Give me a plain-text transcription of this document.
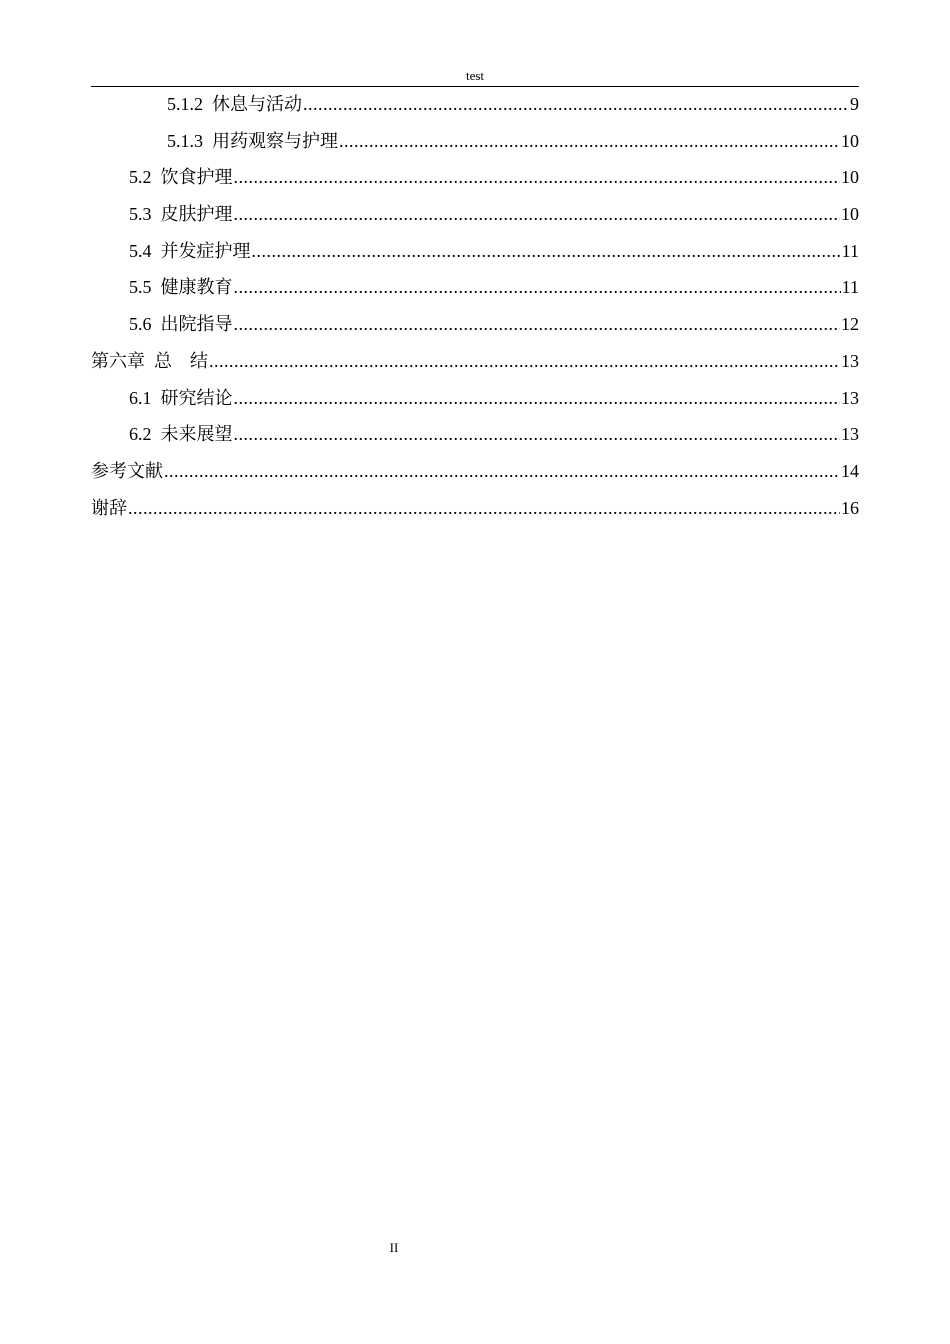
test
5.1.2 休息与活动 .....	9
5.1.3 用药观察与护理 .....	10
5.2 饮食护理 .....	10
5.3 皮肤护理 .....	10
5.4 并发症护理 .....	11
5.5 健康教育 .....	11
5.6 出院指导 .....	12
第六章 总　结 .....	13
6.1 研究结论 .....	13
6.2 未来展望 .....	13
参考文献 .....	14
谢辞 .....	16
II
